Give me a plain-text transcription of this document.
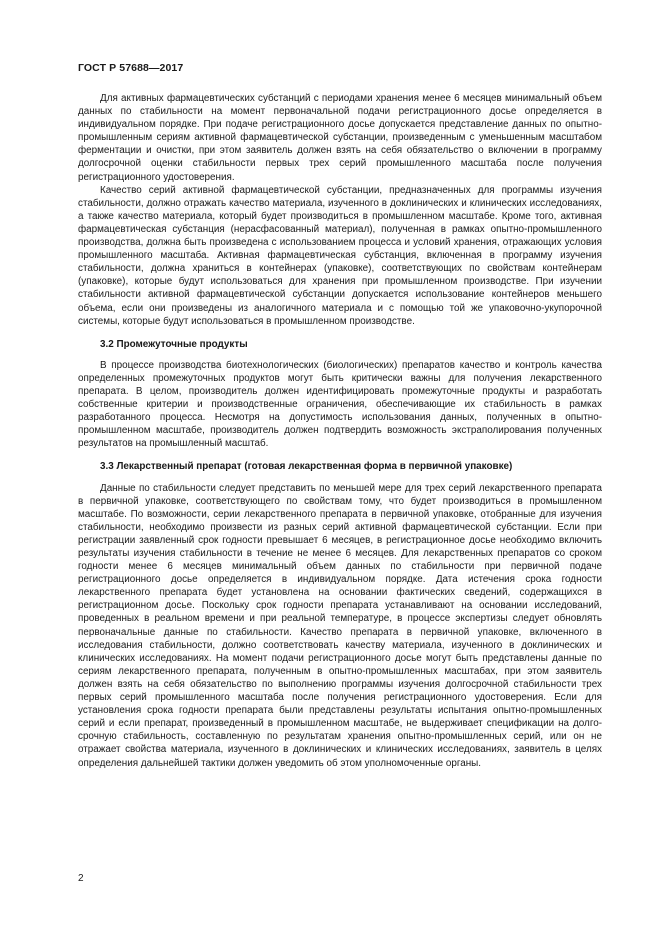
ГОСТ Р 57688—2017

Для активных фармацевтических субстанций с периодами хранения менее 6 месяцев минимальный объем данных по стабильности на момент первоначальной подачи регистрационного досье определяется в индивидуальном порядке. При подаче регистрационного досье допускается представление данных по опытно-промышленным сериям активной фармацевтической субстанции, произведенным с уменьшенным масштабом ферментации и очистки, при этом заявитель должен взять на себя обязательство о включении в программу долгосрочной оценки стабильности первых трех серий промышленного масштаба после получения регистрационного удостоверения.

Качество серий активной фармацевтической субстанции, предназначенных для программы изучения стабильности, должно отражать качество материала, изученного в доклинических и клинических исследованиях, а также качество материала, который будет производиться в промышленном масштабе. Кроме того, активная фармацевтическая субстанция (нерасфасованный материал), полученная в рамках опытно-промышленного производства, должна быть произведена с использованием процесса и условий хранения, отражающих условия промышленного масштаба. Активная фармацевтическая субстанция, включенная в программу изучения стабильности, должна храниться в контейнерах (упаковке), соответствующих по свойствам контейнерам (упаковке), которые будут использоваться для хранения при промышленном производстве. При изучении стабильности активной фармацевтической субстанции допускается использование контейнеров меньшего объема, если они произведены из аналогичного материала и с помощью той же упаковочно-укупорочной системы, которые будут использоваться в промышленном производстве.

3.2 Промежуточные продукты

В процессе производства биотехнологических (биологических) препаратов качество и контроль качества определенных промежуточных продуктов могут быть критически важны для получения лекарственного препарата. В целом, производитель должен идентифицировать промежуточные продукты и разработать собственные критерии и производственные ограничения, обеспечивающие их стабильность в рамках разработанного процесса. Несмотря на допустимость использования данных, полученных в опытно-промышленном масштабе, производитель должен подтвердить возможность экстраполирования полученных результатов на промышленный масштаб.

3.3 Лекарственный препарат (готовая лекарственная форма в первичной упаковке)

Данные по стабильности следует представить по меньшей мере для трех серий лекарственного препарата в первичной упаковке, соответствующего по свойствам тому, что будет производиться в промышленном масштабе. По возможности, серии лекарственного препарата в первичной упаковке, отобранные для изучения стабильности, необходимо произвести из разных серий активной фармацевтической субстанции. Если при регистрации заявленный срок годности превышает 6 месяцев, в регистрационное досье необходимо включить результаты изучения стабильности в течение не менее 6 месяцев. Для лекарственных препаратов со сроком годности менее 6 месяцев минимальный объем данных по стабильности при первичной подаче регистрационного досье определяется в индивидуальном порядке. Дата истечения срока годности лекарственного препарата будет установлена на основании фактических сведений, содержащихся в регистрационном досье. Поскольку срок годности препарата устанавливают на основании исследований, проведенных в реальном времени и при реальной температуре, в процессе экспертизы следует обновлять первоначальные данные по стабильности. Качество препарата в первичной упаковке, включенного в исследования стабильности, должно соответствовать качеству материала, изученного в доклинических и клинических исследованиях. На момент подачи регистрационного досье могут быть представлены данные по сериям лекарственного препарата, полученным в опытно-промышленных масштабах, при этом заявитель должен взять на себя обязательство по выполнению программы изучения долгосрочной стабильности трех первых серий промышленного масштаба после получения регистрационного удостоверения. Если для установления срока годности препарата были представлены результаты испытания опытно-промышленных серий и если препарат, произведенный в промышленном масштабе, не выдерживает спецификации на долгосрочную стабильность, составленную по результатам хранения опытно-промышленных серий, или он не отражает свойства материала, изученного в доклинических и клинических исследованиях, заявитель в целях определения дальнейшей тактики должен уведомить об этом уполномоченные органы.

2
